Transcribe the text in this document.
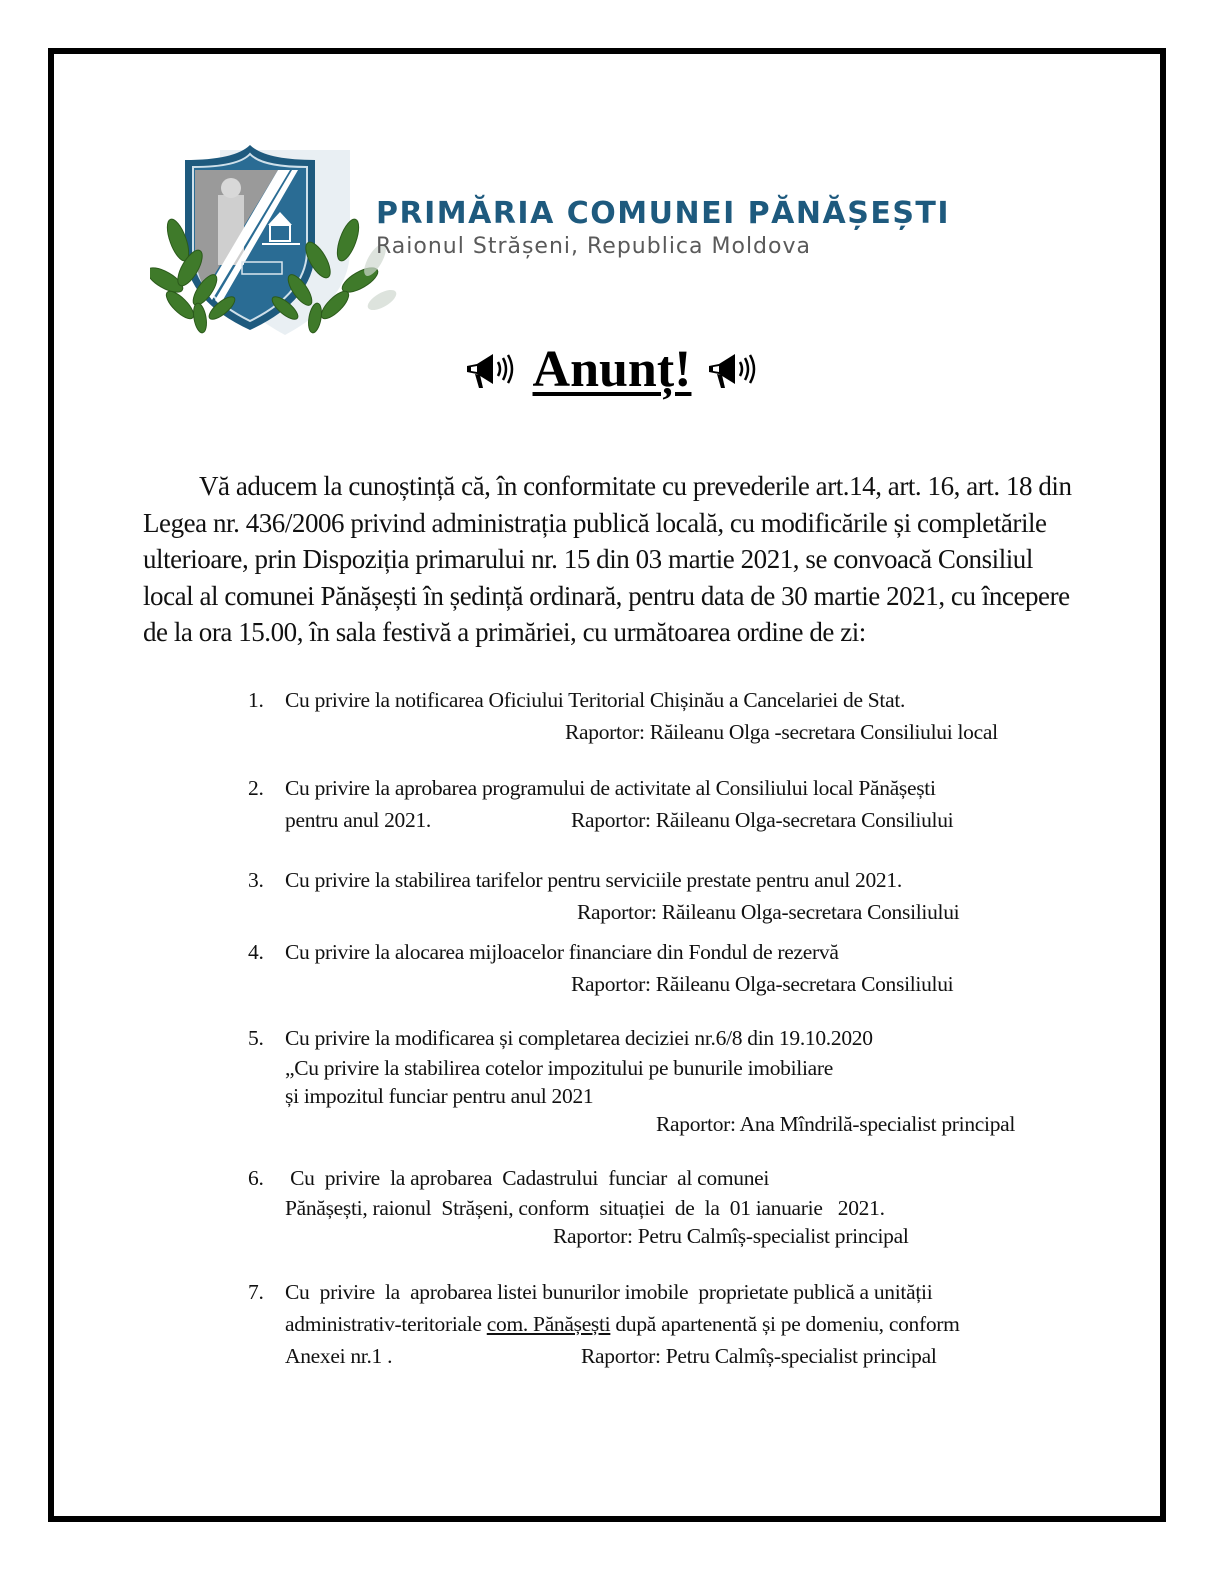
PRIMĂRIA COMUNEI PĂNĂȘEȘTI
Raionul Strășeni, Republica Moldova
Anunț!

Vă aducem la cunoștință că, în conformitate cu prevederile art.14, art. 16, art. 18 din Legea nr. 436/2006 privind administrația publică locală, cu modificările și completările ulterioare, prin Dispoziția primarului nr. 15 din 03 martie 2021, se convoacă Consiliul local al comunei Pănășești în ședință ordinară, pentru data de 30 martie 2021, cu începere de la ora 15.00, în sala festivă a primăriei, cu următoarea ordine de zi:

1. Cu privire la notificarea Oficiului Teritorial Chișinău a Cancelariei de Stat.
Raportor: Răileanu Olga -secretara Consiliului local
2. Cu privire la aprobarea programului de activitate al Consiliului local Pănășești
pentru anul 2021.	Raportor: Răileanu Olga-secretara Consiliului
3. Cu privire la stabilirea tarifelor pentru serviciile prestate pentru anul 2021.
Raportor: Răileanu Olga-secretara Consiliului
4. Cu privire la alocarea mijloacelor financiare din Fondul de rezervă
Raportor: Răileanu Olga-secretara Consiliului
5. Cu privire la modificarea și completarea deciziei nr.6/8 din 19.10.2020
„Cu privire la stabilirea cotelor impozitului pe bunurile imobiliare
și impozitul funciar pentru anul 2021
Raportor: Ana Mîndrilă-specialist principal
6. Cu  privire  la aprobarea  Cadastrului  funciar  al comunei
Pănășești, raionul  Strășeni, conform  situației  de  la  01 ianuarie   2021.
Raportor: Petru Calmîș-specialist principal
7. Cu  privire  la  aprobarea listei bunurilor imobile  proprietate publică a unității
administrativ-teritoriale com. Pănășești după apartenentă și pe domeniu, conform
Anexei nr.1 .	Raportor: Petru Calmîș-specialist principal
